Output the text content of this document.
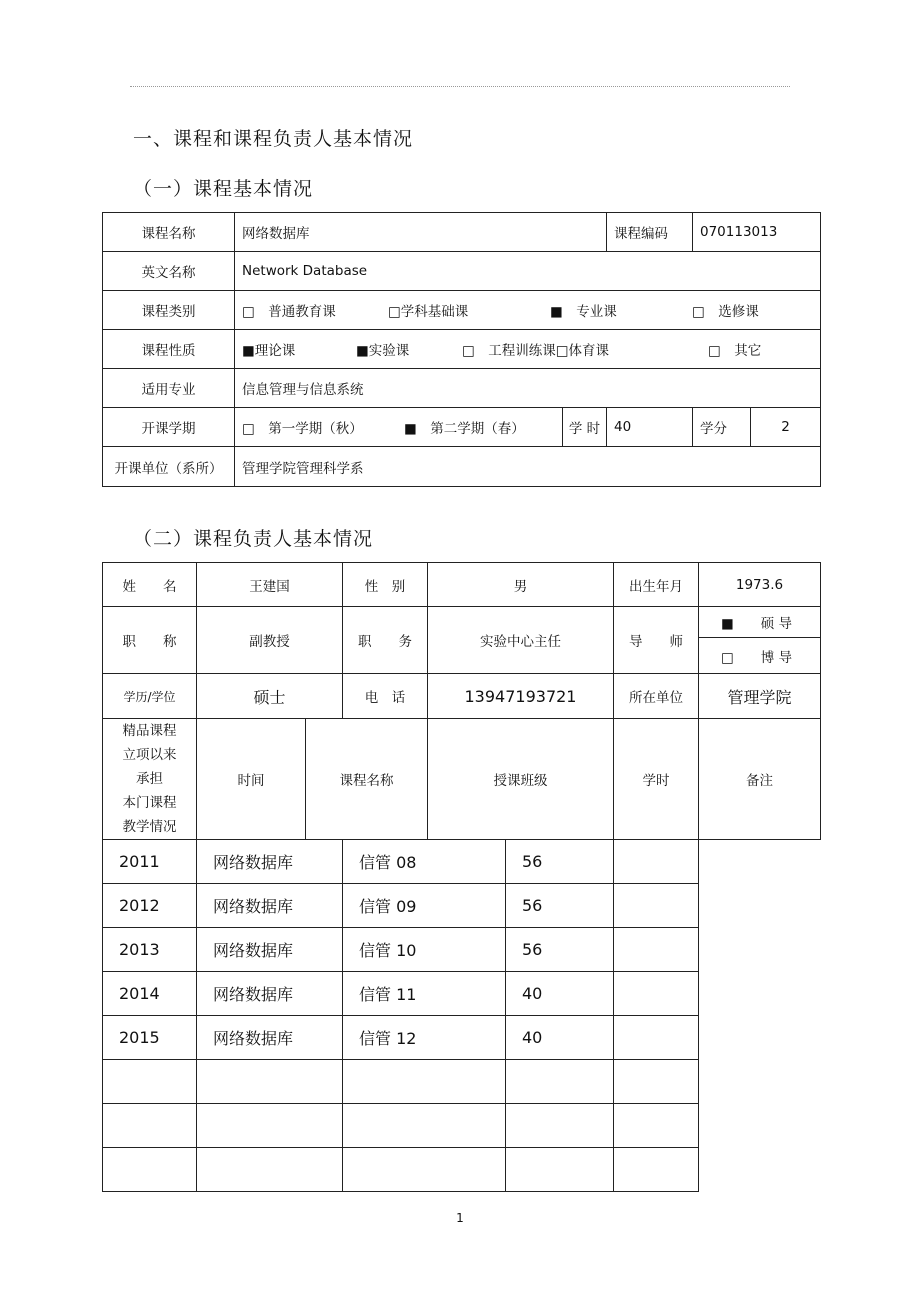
一、课程和课程负责人基本情况
（一）课程基本情况
课程名称	网络数据库		课程编码	070113013	
英文名称	Network Database				
课程类别	□　普通教育课 □学科基础课 ■　专业课 □　选修课				
课程性质	■理论课 ■实验课 □　工程训练课□体育课 □　其它				
适用专业	信息管理与信息系统				
开课学期	□　第一学期（秋） ■　第二学期（春）	学 时	40	学分	2
开课单位（系所）	管理学院管理科学系				
（二）课程负责人基本情况
姓　　名	王建国		性　别	男		出生年月	1973.6
职　　称	副教授		职　　务	实验中心主任		导　　师	■　　硕 导
							□　　博 导
学历/学位	硕士		电　话	13947193721		所在单位	管理学院

精品课程
立项以来
承担
本门课程
教学情况	时间	课程名称		授课班级		学时	备注
2011	网络数据库		信管 08		56		
2012	网络数据库		信管 09		56		
2013	网络数据库		信管 10		56		
2014	网络数据库		信管 11		40		
2015	网络数据库		信管 12		40		

1
